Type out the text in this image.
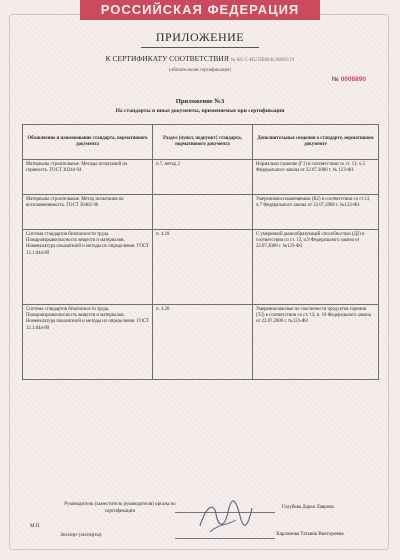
РОССИЙСКАЯ ФЕДЕРАЦИЯ
ПРИЛОЖЕНИЕ
К СЕРТИФИКАТУ СООТВЕТСТВИЯ № RU C-RU.ПБ68.В.00092/19
(обязательная сертификация)
№ 0008890
Приложение №3
На стандарты и иные документы, применяемые при сертификации
Обозначение и наименование стандарта, нормативного документа	Раздел (пункт, подпункт) стандарта, нормативного документа	Дополнительные сведения о стандарте, нормативном документе
Материалы строительные. Методы испытаний на горючесть. ГОСТ 30244-94	п.7, метод 2	Нормально горючие (Г1) в соответствии со ст. 13, ч.5 Федерального закона от 22.07.2008 г. № 123-ФЗ
Материалы строительные. Метод испытания на воспламеняемость. ГОСТ 30402-96		Умеренновоспламеняемые (В2) в соответствии со ст.13, ч.7 Федерального закона от 22.07.2008 г. №123-ФЗ
Система стандартов безопасности труда. Пожаровзрывоопасность веществ и материалов. Номенклатура показателей и методы их определения. ГОСТ 12.1.044-89	п. 4.18	С умеренной дымообразующей способностью (Д2) в соответствии со ст. 13, ч.9 Федерального закона от 22.07.2008 г. №123-ФЗ
Система стандартов безопасности труда. Пожаровзрывоопасность веществ и материалов. Номенклатура показателей и методы их определения. ГОСТ 12.1.044-89	п. 4.20	Умеренноопасные по токсичности продуктов горения (Т2) в соответствии со ст. 13, п. 10 Федерального закона от 22.07.2008 г. №123-ФЗ
Руководитель (заместитель руководителя) органа по сертификации
М.П.
Эксперт (эксперты)
Голубева Дарья Лаврова
Харламова Татьяна Викторовна
